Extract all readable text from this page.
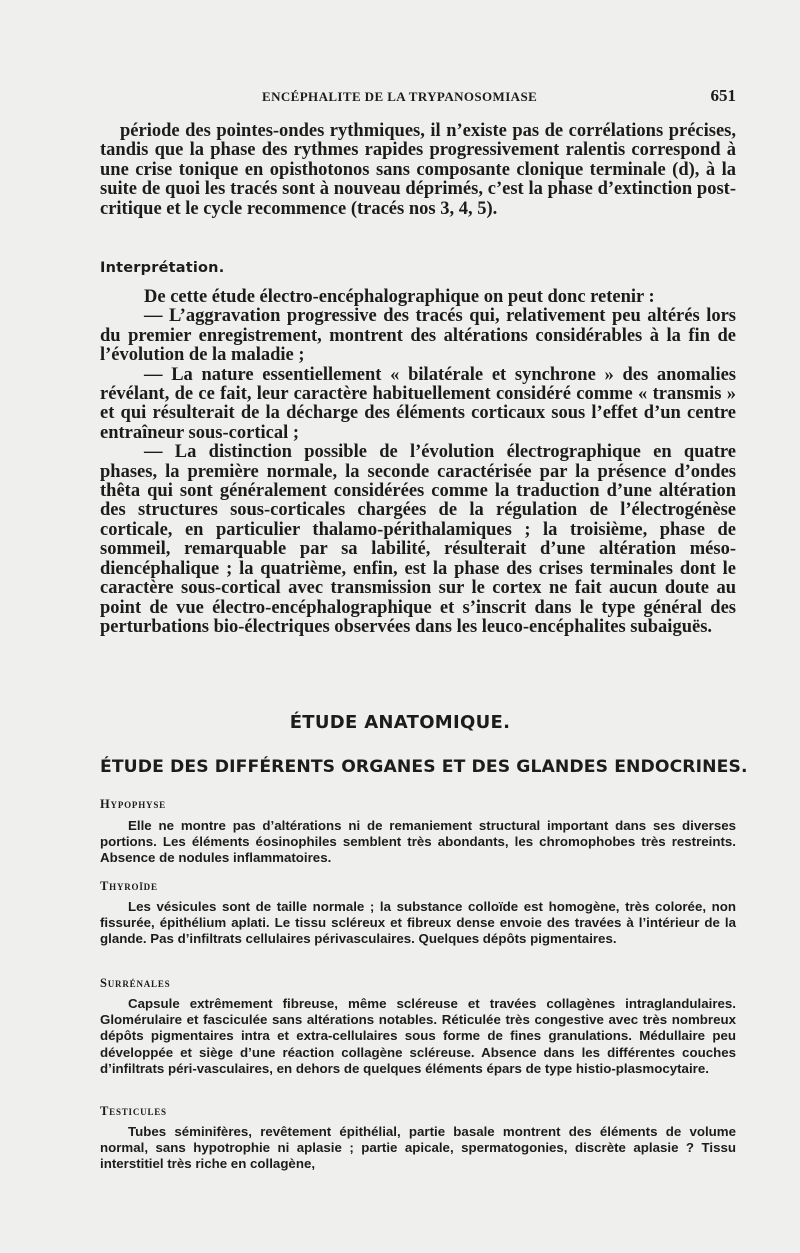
ENCÉPHALITE DE LA TRYPANOSOMIASE	651

période des pointes-ondes rythmiques, il n’existe pas de corrélations précises, tandis que la phase des rythmes rapides progressivement ralentis correspond à une crise tonique en opisthotonos sans composante clonique terminale (d), à la suite de quoi les tracés sont à nouveau déprimés, c’est la phase d’extinction post-critique et le cycle recommence (tracés nos 3, 4, 5).

Interprétation.

De cette étude électro-encéphalographique on peut donc retenir :

— L’aggravation progressive des tracés qui, relativement peu altérés lors du premier enregistrement, montrent des altérations considérables à la fin de l’évolution de la maladie ;

— La nature essentiellement « bilatérale et synchrone » des anomalies révélant, de ce fait, leur caractère habituellement considéré comme « transmis » et qui résulterait de la décharge des éléments corticaux sous l’effet d’un centre entraîneur sous-cortical ;

— La distinction possible de l’évolution électrographique en quatre phases, la première normale, la seconde caractérisée par la présence d’ondes thêta qui sont généralement considérées comme la traduction d’une altération des structures sous-corticales chargées de la régulation de l’électrogénèse corticale, en particulier thalamo-périthalamiques ; la troisième, phase de sommeil, remarquable par sa labilité, résulterait d’une altération méso-diencéphalique ; la quatrième, enfin, est la phase des crises terminales dont le caractère sous-cortical avec transmission sur le cortex ne fait aucun doute au point de vue électro-encéphalographique et s’inscrit dans le type général des perturbations bio-électriques observées dans les leuco-encéphalites subaiguës.

ÉTUDE ANATOMIQUE.
ÉTUDE DES DIFFÉRENTS ORGANES ET DES GLANDES ENDOCRINES.
Hypophyse

Elle ne montre pas d’altérations ni de remaniement structural important dans ses diverses portions. Les éléments éosinophiles semblent très abondants, les chromophobes très restreints. Absence de nodules inflammatoires.

Thyroïde

Les vésicules sont de taille normale ; la substance colloïde est homogène, très colorée, non fissurée, épithélium aplati. Le tissu scléreux et fibreux dense envoie des travées à l’intérieur de la glande. Pas d’infiltrats cellulaires périvasculaires. Quelques dépôts pigmentaires.

Surrénales

Capsule extrêmement fibreuse, même scléreuse et travées collagènes intraglandulaires. Glomérulaire et fasciculée sans altérations notables. Réticulée très congestive avec très nombreux dépôts pigmentaires intra et extra-cellulaires sous forme de fines granulations. Médullaire peu développée et siège d’une réaction collagène scléreuse. Absence dans les différentes couches d’infiltrats péri-vasculaires, en dehors de quelques éléments épars de type histio-plasmocytaire.

Testicules

Tubes séminifères, revêtement épithélial, partie basale montrent des éléments de volume normal, sans hypotrophie ni aplasie ; partie apicale, spermatogonies, discrète aplasie ? Tissu interstitiel très riche en collagène,
